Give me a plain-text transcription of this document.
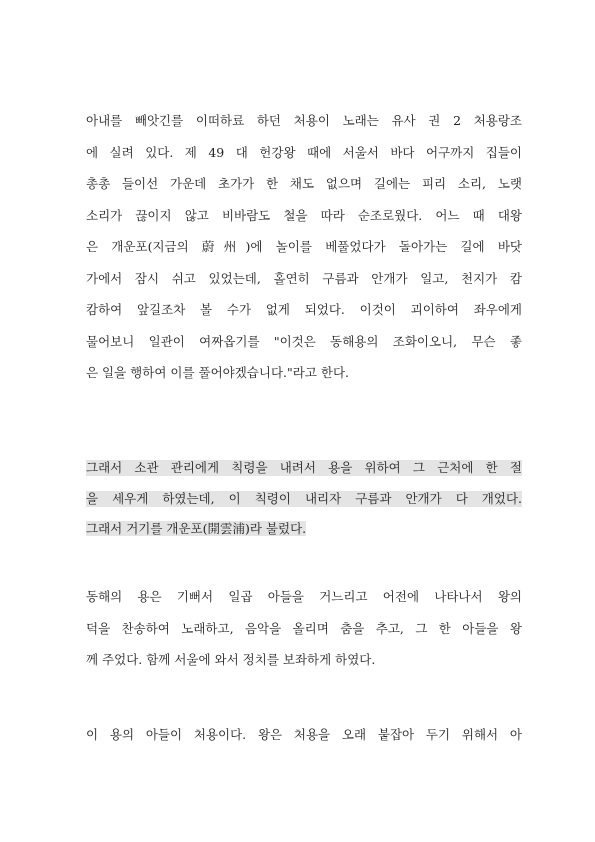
아내를 빼앗긴를 이떠하료 하던 처용이 노래는 유사 권 2 처용랑조
에 실려 있다. 제 49 대 헌강왕 때에 서울서 바다 어구까지 집들이
총총 들이선 가운데 초가가 한 채도 없으며 길에는 피리 소리, 노랫
소리가 끊이지 않고 비바람도 철을 따라 순조로웠다. 어느 때 대왕
은 개운포(지금의 蔚州)에 놀이를 베풀었다가 돌아가는 길에 바닷
가에서 잠시 쉬고 있었는데, 홀연히 구름과 안개가 일고, 천지가 캄
캄하여 앞길조차 볼 수가 없게 되었다. 이것이 괴이하여 좌우에게
물어보니 일관이 여짜옵기를 "이것은 동해용의 조화이오니, 무슨 좋
은 일을 행하여 이를 풀어야겠습니다."라고 한다.
그래서 소관 관리에게 칙령을 내려서 용을 위하여 그 근처에 한 절
을 세우게 하였는데, 이 칙령이 내리자 구름과 안개가 다 개었다.
그래서 거기를 개운포(開雲浦)라 불렀다.
동해의 용은 기뻐서 일곱 아들을 거느리고 어전에 나타나서 왕의
덕을 찬송하여 노래하고, 음악을 올리며 춤을 추고, 그 한 아들을 왕
께 주었다. 함께 서울에 와서 정치를 보좌하게 하였다.
이 용의 아들이 처용이다. 왕은 처용을 오래 붙잡아 두기 위해서 아
